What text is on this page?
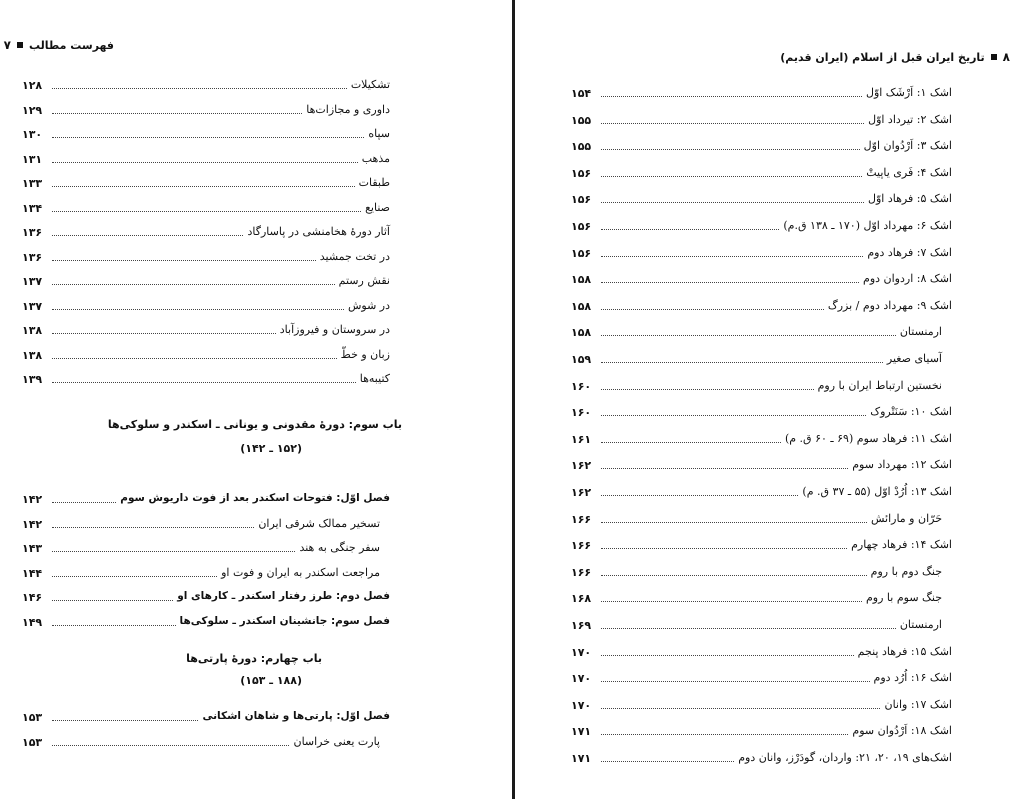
فهرست مطالب
۷
۱۲۸	تشکیلات
۱۲۹	داوری و مجازات‌ها
۱۳۰	سپاه
۱۳۱	مذهب
۱۳۳	طبقات
۱۳۴	صنایع
۱۳۶	آثار دورهٔ هخامنشی در پاسارگاد
۱۳۶	در تخت جمشید
۱۳۷	نقش رستم
۱۳۷	در شوش
۱۳۸	در سروستان و فیروزآباد
۱۳۸	زبان و خطّ
۱۳۹	کتیبه‌ها
باب سوم: دورهٔ مقدونی و یونانی ـ اسکندر و سلوکی‌ها
(۱۵۲ ـ ۱۴۲)
۱۴۲	فصل اوّل: فتوحات اسکندر بعد از فوت داریوش سوم
۱۴۲	تسخیر ممالک شرقی ایران
۱۴۳	سفر جنگی به هند
۱۴۴	مراجعت اسکندر به ایران و فوت او
۱۴۶	فصل دوم: طرز رفتار اسکندر ـ کارهای او
۱۴۹	فصل سوم: جانشینان اسکندر ـ سلوکی‌ها
باب چهارم: دورهٔ پارتی‌ها
(۱۸۸ ـ ۱۵۳)
۱۵۳	فصل اوّل: پارتی‌ها و شاهان اشکانی
۱۵۳	پارت یعنی خراسان
۸
تاریخ ایران قبل از اسلام (ایران قدیم)
۱۵۴	اشک ۱: اَرْشَک اوّل
۱۵۵	اشک ۲: تیرداد اوّل
۱۵۵	اشک ۳: اَرْدُوان اوّل
۱۵۶	اشک ۴: فَری یاپیتْ
۱۵۶	اشک ۵: فرهاد اوّل
۱۵۶	اشک ۶: مهرداد اوّل (۱۷۰ ـ ۱۳۸ ق.م)
۱۵۶	اشک ۷: فرهاد دوم
۱۵۸	اشک ۸: اردوان دوم
۱۵۸	اشک ۹: مهرداد دوم / بزرگ
۱۵۸	ارمنستان
۱۵۹	آسیای صغیر
۱۶۰	نخستین ارتباط ایران با روم
۱۶۰	اشک ۱۰: سَنَتْروک
۱۶۱	اشک ۱۱: فرهاد سوم (۶۹ ـ ۶۰ ق. م)
۱۶۲	اشک ۱۲: مهرداد سوم
۱۶۲	اشک ۱۳: اُرُدْ اوّل (۵۵ ـ ۳۷ ق. م)
۱۶۶	حَرّان و مارائش
۱۶۶	اشک ۱۴: فرهاد چهارم
۱۶۶	جنگ دوم با روم
۱۶۸	جنگ سوم با روم
۱۶۹	ارمنستان
۱۷۰	اشک ۱۵: فرهاد پنجم
۱۷۰	اشک ۱۶: اُرُد دوم
۱۷۰	اشک ۱۷: وانان
۱۷۱	اشک ۱۸: اَرْدُوان سوم
۱۷۱	اشک‌های ۱۹، ۲۰، ۲۱: واردان، گودَرْز، وانان دوم
